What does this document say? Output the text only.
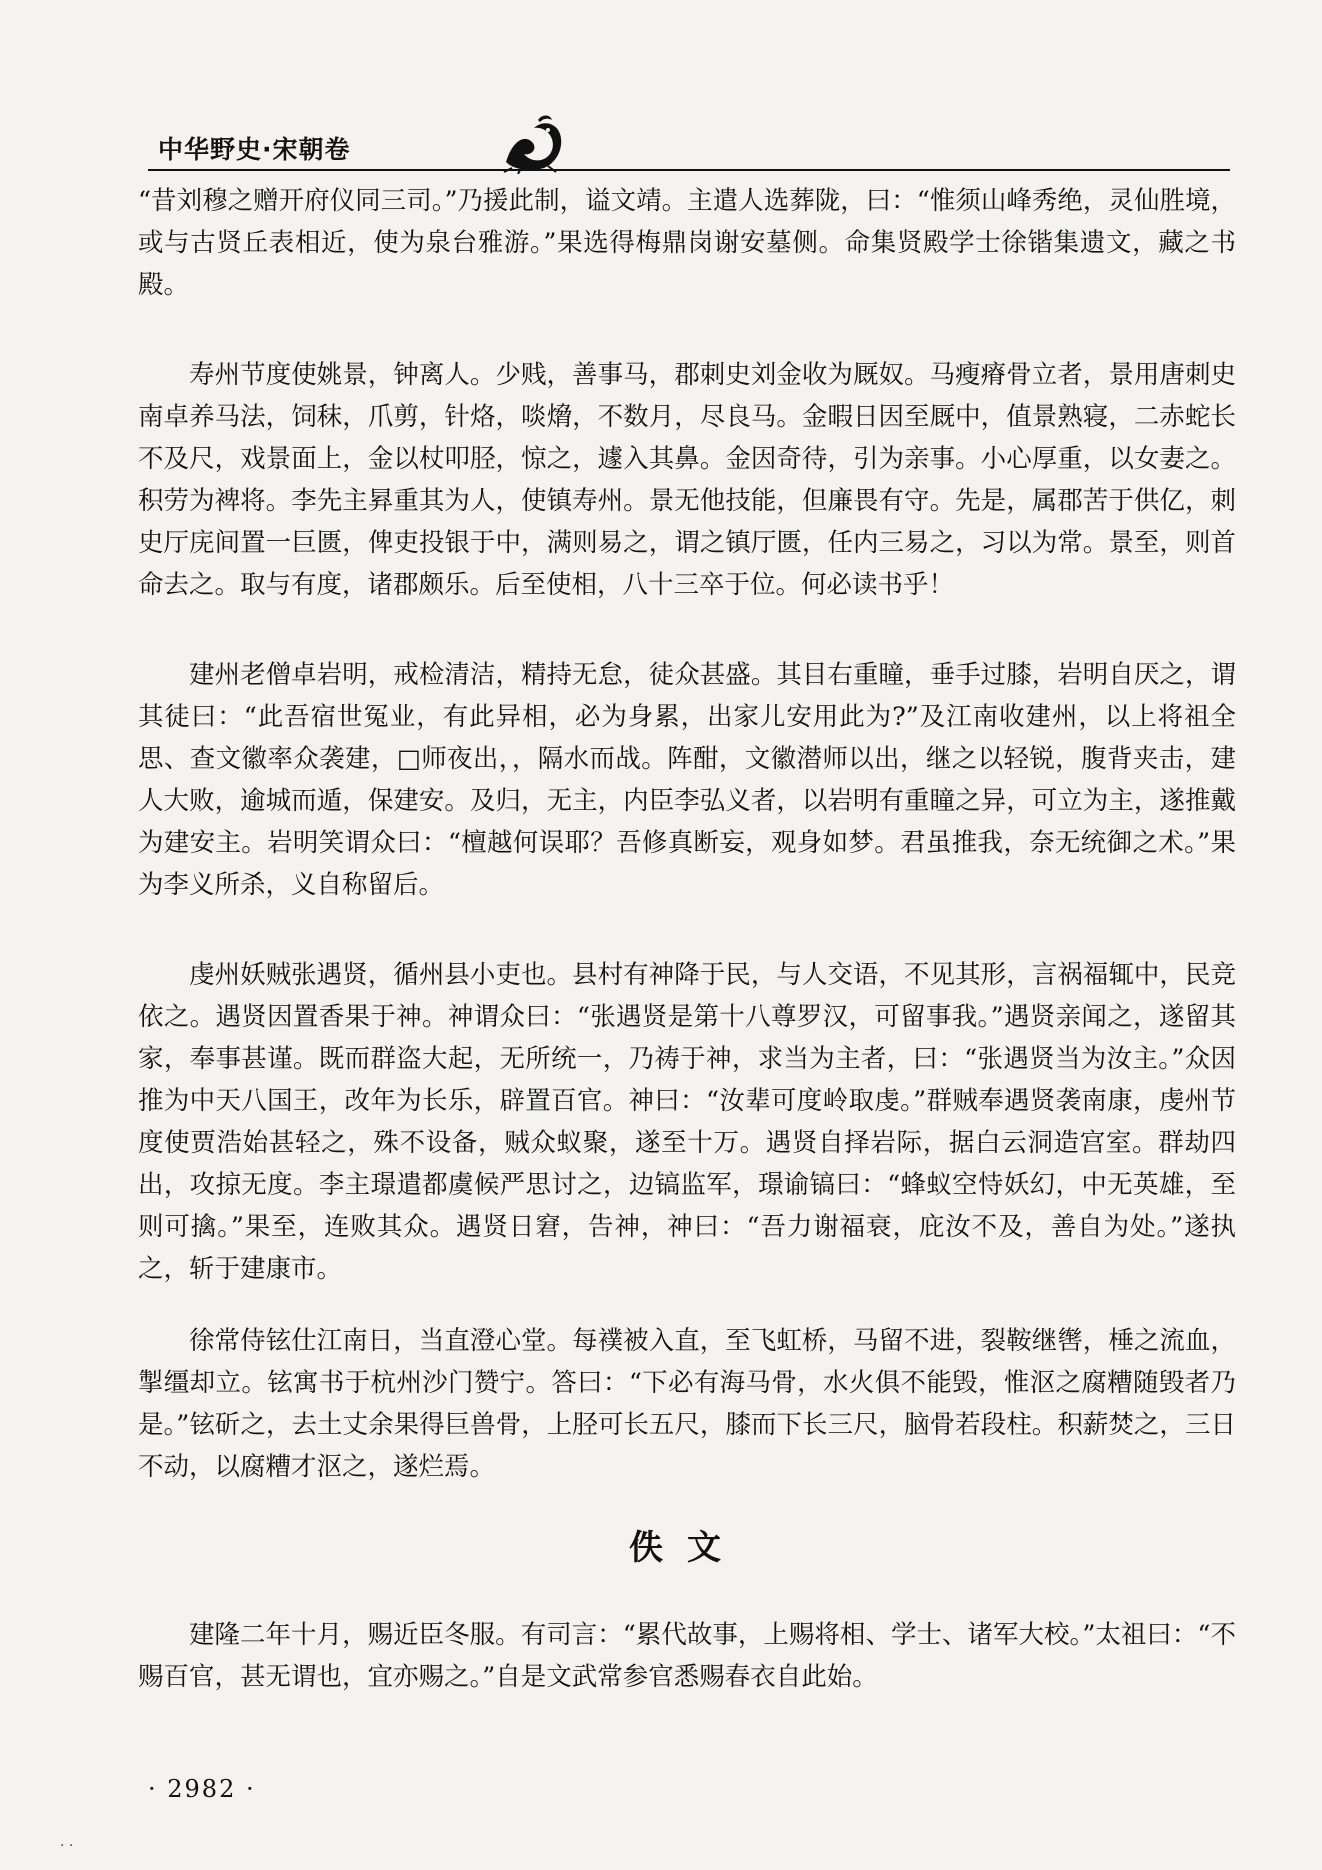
中华野史·宋朝卷

“昔刘穆之赠开府仪同三司。”乃援此制，谥文靖。主遣人选葬陇，曰：“惟须山峰秀绝，灵仙胜境，或与古贤丘表相近，使为泉台雅游。”果选得梅鼎岗谢安墓侧。命集贤殿学士徐锴集遗文，藏之书殿。

寿州节度使姚景，钟离人。少贱，善事马，郡刺史刘金收为厩奴。马瘦瘠骨立者，景用唐刺史南卓养马法，饲秣，爪剪，针烙，啖熁，不数月，尽良马。金暇日因至厩中，值景熟寝，二赤蛇长不及尺，戏景面上，金以杖叩胫，惊之，遽入其鼻。金因奇待，引为亲事。小心厚重，以女妻之。积劳为裨将。李先主昪重其为人，使镇寿州。景无他技能，但廉畏有守。先是，属郡苦于供亿，刺史厅庑间置一巨匮，俾吏投银于中，满则易之，谓之镇厅匮，任内三易之，习以为常。景至，则首命去之。取与有度，诸郡颇乐。后至使相，八十三卒于位。何必读书乎！

建州老僧卓岩明，戒检清洁，精持无怠，徒众甚盛。其目右重瞳，垂手过膝，岩明自厌之，谓其徒曰：“此吾宿世冤业，有此异相，必为身累，出家儿安用此为?”及江南收建州，以上将祖全思、查文徽率众袭建，□师夜出，，隔水而战。阵酣，文徽潜师以出，继之以轻锐，腹背夹击，建人大败，逾城而遁，保建安。及归，无主，内臣李弘义者，以岩明有重瞳之异，可立为主，遂推戴为建安主。岩明笑谓众曰：“檀越何误耶？吾修真断妄，观身如梦。君虽推我，奈无统御之术。”果为李义所杀，义自称留后。

虔州妖贼张遇贤，循州县小吏也。县村有神降于民，与人交语，不见其形，言祸福辄中，民竞依之。遇贤因置香果于神。神谓众曰：“张遇贤是第十八尊罗汉，可留事我。”遇贤亲闻之，遂留其家，奉事甚谨。既而群盗大起，无所统一，乃祷于神，求当为主者，曰：“张遇贤当为汝主。”众因推为中天八国王，改年为长乐，辟置百官。神曰：“汝辈可度岭取虔。”群贼奉遇贤袭南康，虔州节度使贾浩始甚轻之，殊不设备，贼众蚁聚，遂至十万。遇贤自择岩际，据白云洞造宫室。群劫四出，攻掠无度。李主璟遣都虞候严思讨之，边镐监军，璟谕镐曰：“蜂蚁空恃妖幻，中无英雄，至则可擒。”果至，连败其众。遇贤日窘，告神，神曰：“吾力谢福衰，庇汝不及，善自为处。”遂执之，斩于建康市。

徐常侍铉仕江南日，当直澄心堂。每襆被入直，至飞虹桥，马留不进，裂鞍继辔，棰之流血，掣缰却立。铉寓书于杭州沙门赞宁。答曰：“下必有海马骨，水火俱不能毁，惟沤之腐糟随毁者乃是。”铉斫之，去土丈余果得巨兽骨，上胫可长五尺，膝而下长三尺，脑骨若段柱。积薪焚之，三日不动，以腐糟才沤之，遂烂焉。

佚文

建隆二年十月，赐近臣冬服。有司言：“累代故事，上赐将相、学士、诸军大校。”太祖曰：“不赐百官，甚无谓也，宜亦赐之。”自是文武常参官悉赐春衣自此始。

· 2982 ·
· ·
